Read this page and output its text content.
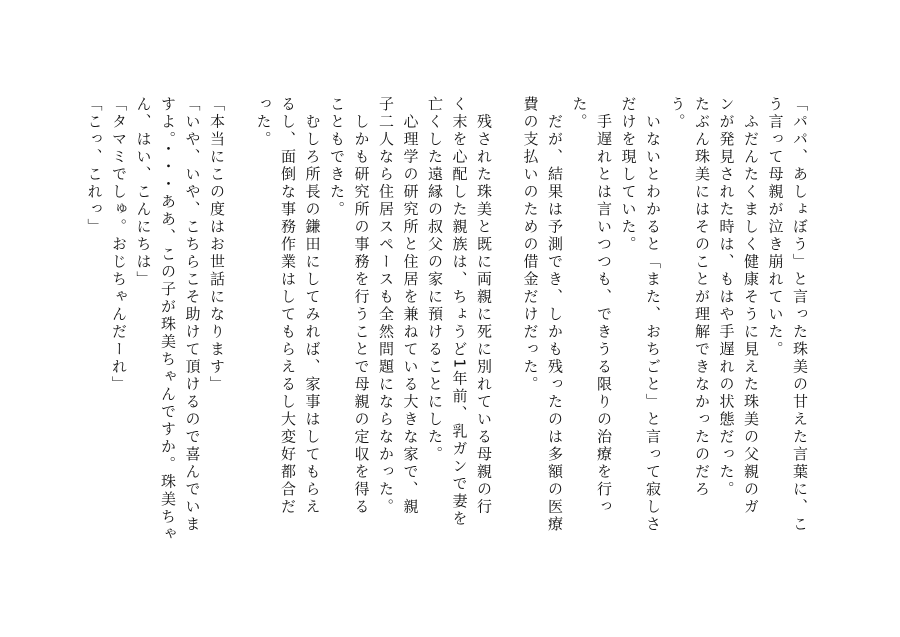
「パパ、あしょぼう」と言った珠美の甘えた言葉に、こ
う言って母親が泣き崩れていた。
　ふだんたくましく健康そうに見えた珠美の父親のガ
ンが発見された時は、もはや手遅れの状態だった。
たぶん珠美にはそのことが理解できなかったのだろ
う。
　いないとわかると「また、おちごと」と言って寂しさ
だけを現していた。
　手遅れとは言いつつも、できうる限りの治療を行っ
た。
　だが、結果は予測でき、しかも残ったのは多額の医療
費の支払いのための借金だけだった。
　残された珠美と既に両親に死に別れている母親の行
く末を心配した親族は、ちょうど1年前、乳ガンで妻を
亡くした遠縁の叔父の家に預けることにした。
　心理学の研究所と住居を兼ねている大きな家で、親
子二人なら住居スペースも全然問題にならなかった。
　しかも研究所の事務を行うことで母親の定収を得る
こともできた。
　むしろ所長の鎌田にしてみれば、家事はしてもらえ
るし、面倒な事務作業はしてもらえるし大変好都合だ
った。
「本当にこの度はお世話になります」
「いや、いや、こちらこそ助けて頂けるので喜んでいま
すよ。・・・ああ、この子が珠美ちゃんですか。珠美ちゃ
ん、はい、こんにちは」
「タマミでしゅ。おじちゃんだーれ」
「こっ、これっ」
